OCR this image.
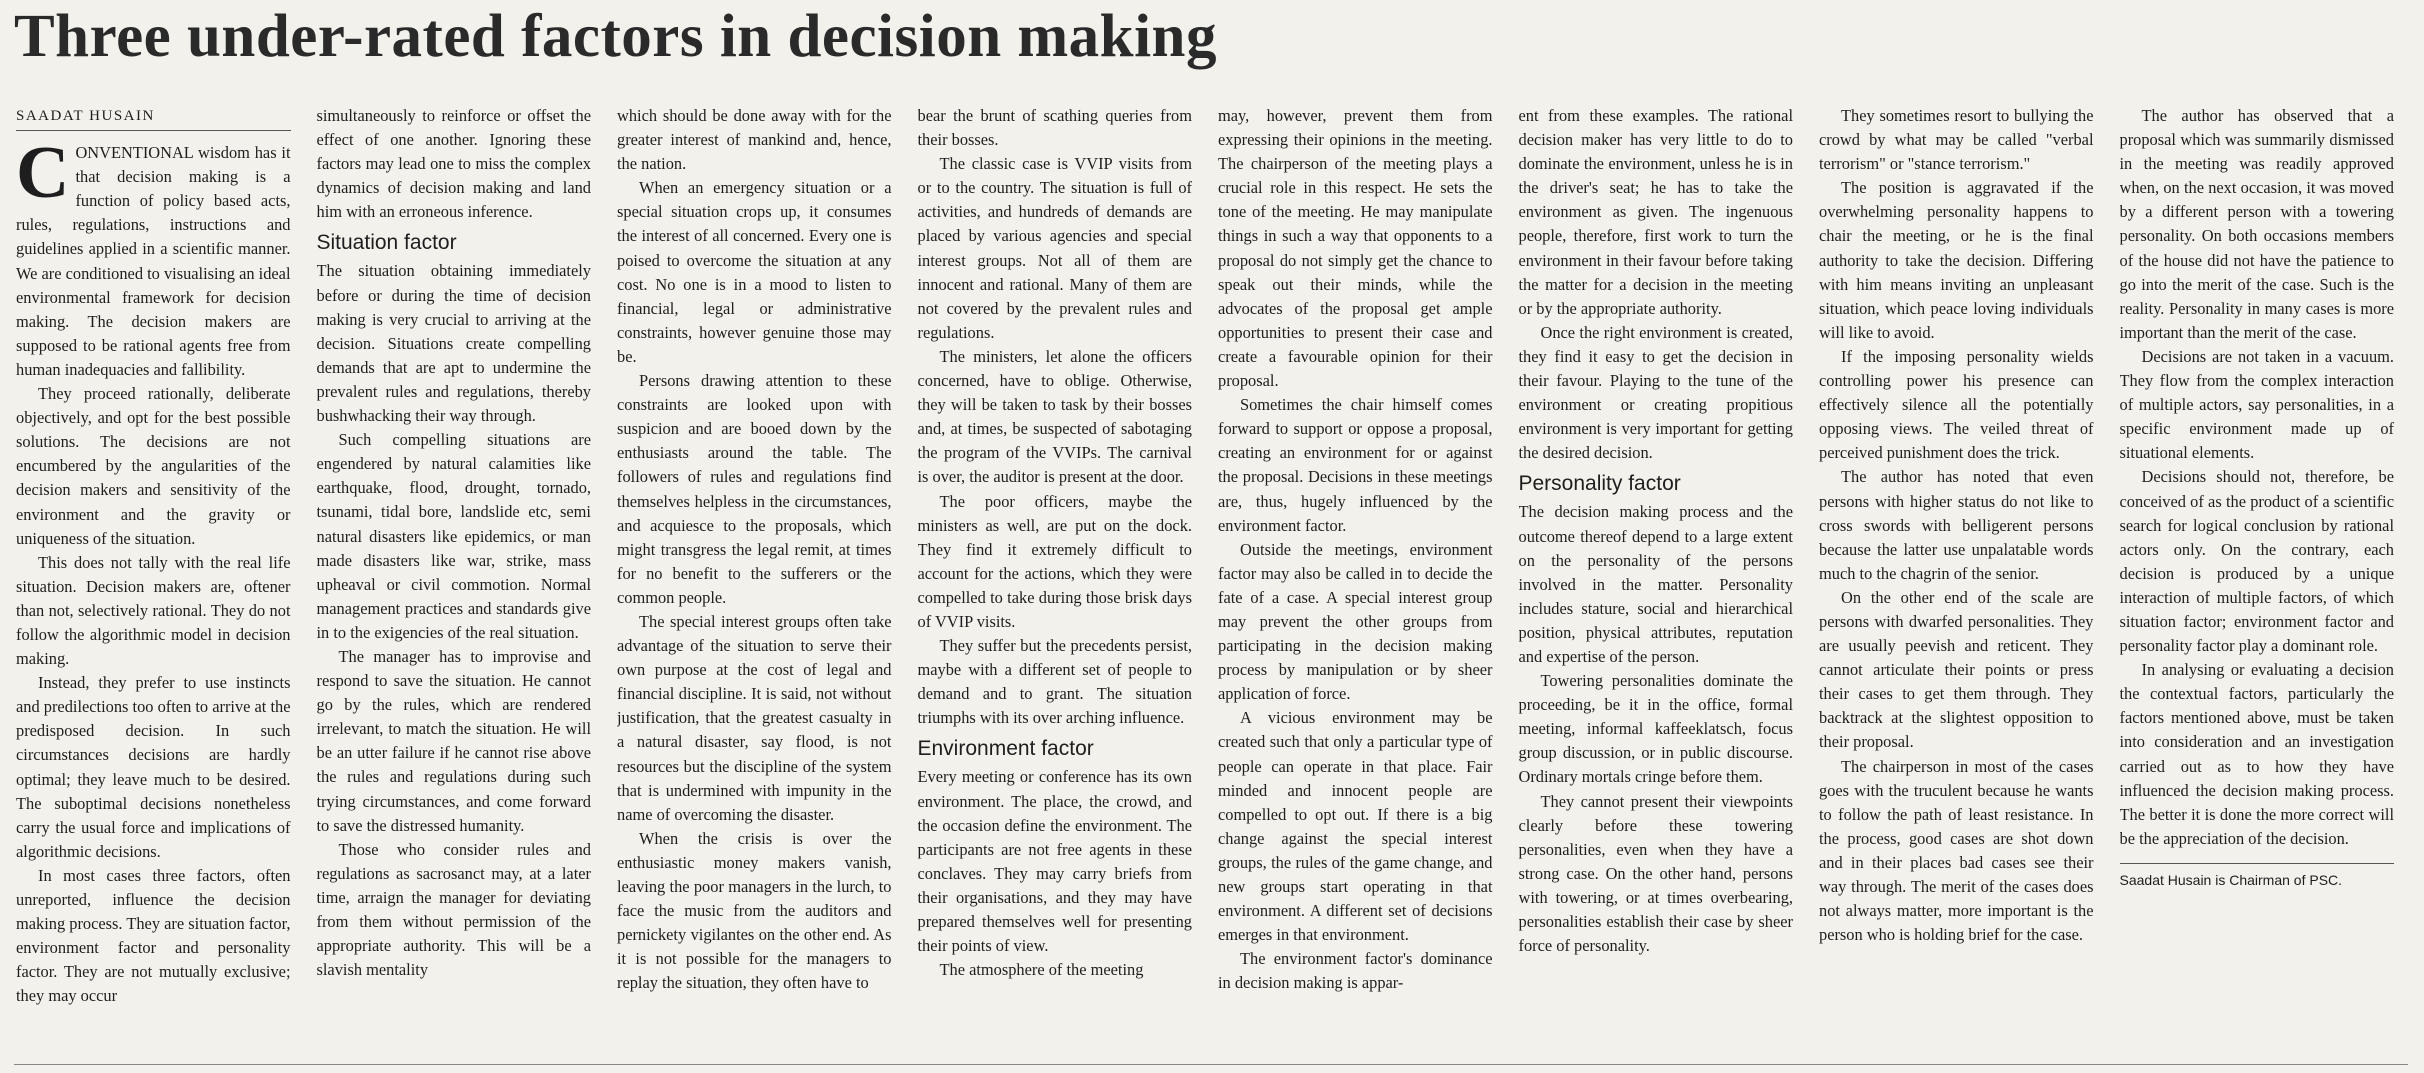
Three under-rated factors in decision making
SAADAT HUSAIN

CONVENTIONAL wisdom has it that decision making is a function of policy based acts, rules, regulations, instructions and guidelines applied in a scientific manner. We are conditioned to visualising an ideal environmental framework for decision making. The decision makers are supposed to be rational agents free from human inadequacies and fallibility.

They proceed rationally, deliberate objectively, and opt for the best possible solutions. The decisions are not encumbered by the angularities of the decision makers and sensitivity of the environment and the gravity or uniqueness of the situation.

This does not tally with the real life situation. Decision makers are, oftener than not, selectively rational. They do not follow the algorithmic model in decision making.

Instead, they prefer to use instincts and predilections too often to arrive at the predisposed decision. In such circumstances decisions are hardly optimal; they leave much to be desired. The suboptimal decisions nonetheless carry the usual force and implications of algorithmic decisions.

In most cases three factors, often unreported, influence the decision making process. They are situation factor, environment factor and personality factor. They are not mutually exclusive; they may occur

simultaneously to reinforce or offset the effect of one another. Ignoring these factors may lead one to miss the complex dynamics of decision making and land him with an erroneous inference.

Situation factor

The situation obtaining immediately before or during the time of decision making is very crucial to arriving at the decision. Situations create compelling demands that are apt to undermine the prevalent rules and regulations, thereby bushwhacking their way through.

Such compelling situations are engendered by natural calamities like earthquake, flood, drought, tornado, tsunami, tidal bore, landslide etc, semi natural disasters like epidemics, or man made disasters like war, strike, mass upheaval or civil commotion. Normal management practices and standards give in to the exigencies of the real situation.

The manager has to improvise and respond to save the situation. He cannot go by the rules, which are rendered irrelevant, to match the situation. He will be an utter failure if he cannot rise above the rules and regulations during such trying circumstances, and come forward to save the distressed humanity.

Those who consider rules and regulations as sacrosanct may, at a later time, arraign the manager for deviating from them without permission of the appropriate authority. This will be a slavish mentality

which should be done away with for the greater interest of mankind and, hence, the nation.

When an emergency situation or a special situation crops up, it consumes the interest of all concerned. Every one is poised to overcome the situation at any cost. No one is in a mood to listen to financial, legal or administrative constraints, however genuine those may be.

Persons drawing attention to these constraints are looked upon with suspicion and are booed down by the enthusiasts around the table. The followers of rules and regulations find themselves helpless in the circumstances, and acquiesce to the proposals, which might transgress the legal remit, at times for no benefit to the sufferers or the common people.

The special interest groups often take advantage of the situation to serve their own purpose at the cost of legal and financial discipline. It is said, not without justification, that the greatest casualty in a natural disaster, say flood, is not resources but the discipline of the system that is undermined with impunity in the name of overcoming the disaster.

When the crisis is over the enthusiastic money makers vanish, leaving the poor managers in the lurch, to face the music from the auditors and pernickety vigilantes on the other end. As it is not possible for the managers to replay the situation, they often have to

bear the brunt of scathing queries from their bosses.

The classic case is VVIP visits from or to the country. The situation is full of activities, and hundreds of demands are placed by various agencies and special interest groups. Not all of them are innocent and rational. Many of them are not covered by the prevalent rules and regulations.

The ministers, let alone the officers concerned, have to oblige. Otherwise, they will be taken to task by their bosses and, at times, be suspected of sabotaging the program of the VVIPs. The carnival is over, the auditor is present at the door.

The poor officers, maybe the ministers as well, are put on the dock. They find it extremely difficult to account for the actions, which they were compelled to take during those brisk days of VVIP visits.

They suffer but the precedents persist, maybe with a different set of people to demand and to grant. The situation triumphs with its over arching influence.

Environment factor

Every meeting or conference has its own environment. The place, the crowd, and the occasion define the environment. The participants are not free agents in these conclaves. They may carry briefs from their organisations, and they may have prepared themselves well for presenting their points of view.

The atmosphere of the meeting

may, however, prevent them from expressing their opinions in the meeting. The chairperson of the meeting plays a crucial role in this respect. He sets the tone of the meeting. He may manipulate things in such a way that opponents to a proposal do not simply get the chance to speak out their minds, while the advocates of the proposal get ample opportunities to present their case and create a favourable opinion for their proposal.

Sometimes the chair himself comes forward to support or oppose a proposal, creating an environment for or against the proposal. Decisions in these meetings are, thus, hugely influenced by the environment factor.

Outside the meetings, environment factor may also be called in to decide the fate of a case. A special interest group may prevent the other groups from participating in the decision making process by manipulation or by sheer application of force.

A vicious environment may be created such that only a particular type of people can operate in that place. Fair minded and innocent people are compelled to opt out. If there is a big change against the special interest groups, the rules of the game change, and new groups start operating in that environment. A different set of decisions emerges in that environment.

The environment factor's dominance in decision making is appar-

ent from these examples. The rational decision maker has very little to do to dominate the environment, unless he is in the driver's seat; he has to take the environment as given. The ingenuous people, therefore, first work to turn the environment in their favour before taking the matter for a decision in the meeting or by the appropriate authority.

Once the right environment is created, they find it easy to get the decision in their favour. Playing to the tune of the environment or creating propitious environment is very important for getting the desired decision.

Personality factor

The decision making process and the outcome thereof depend to a large extent on the personality of the persons involved in the matter. Personality includes stature, social and hierarchical position, physical attributes, reputation and expertise of the person.

Towering personalities dominate the proceeding, be it in the office, formal meeting, informal kaffeeklatsch, focus group discussion, or in public discourse. Ordinary mortals cringe before them.

They cannot present their viewpoints clearly before these towering personalities, even when they have a strong case. On the other hand, persons with towering, or at times overbearing, personalities establish their case by sheer force of personality.

They sometimes resort to bullying the crowd by what may be called "verbal terrorism" or "stance terrorism."

The position is aggravated if the overwhelming personality happens to chair the meeting, or he is the final authority to take the decision. Differing with him means inviting an unpleasant situation, which peace loving individuals will like to avoid.

If the imposing personality wields controlling power his presence can effectively silence all the potentially opposing views. The veiled threat of perceived punishment does the trick.

The author has noted that even persons with higher status do not like to cross swords with belligerent persons because the latter use unpalatable words much to the chagrin of the senior.

On the other end of the scale are persons with dwarfed personalities. They are usually peevish and reticent. They cannot articulate their points or press their cases to get them through. They backtrack at the slightest opposition to their proposal.

The chairperson in most of the cases goes with the truculent because he wants to follow the path of least resistance. In the process, good cases are shot down and in their places bad cases see their way through. The merit of the cases does not always matter, more important is the person who is holding brief for the case.

The author has observed that a proposal which was summarily dismissed in the meeting was readily approved when, on the next occasion, it was moved by a different person with a towering personality. On both occasions members of the house did not have the patience to go into the merit of the case. Such is the reality. Personality in many cases is more important than the merit of the case.

Decisions are not taken in a vacuum. They flow from the complex interaction of multiple actors, say personalities, in a specific environment made up of situational elements.

Decisions should not, therefore, be conceived of as the product of a scientific search for logical conclusion by rational actors only. On the contrary, each decision is produced by a unique interaction of multiple factors, of which situation factor; environment factor and personality factor play a dominant role.

In analysing or evaluating a decision the contextual factors, particularly the factors mentioned above, must be taken into consideration and an investigation carried out as to how they have influenced the decision making process. The better it is done the more correct will be the appreciation of the decision.

Saadat Husain is Chairman of PSC.
